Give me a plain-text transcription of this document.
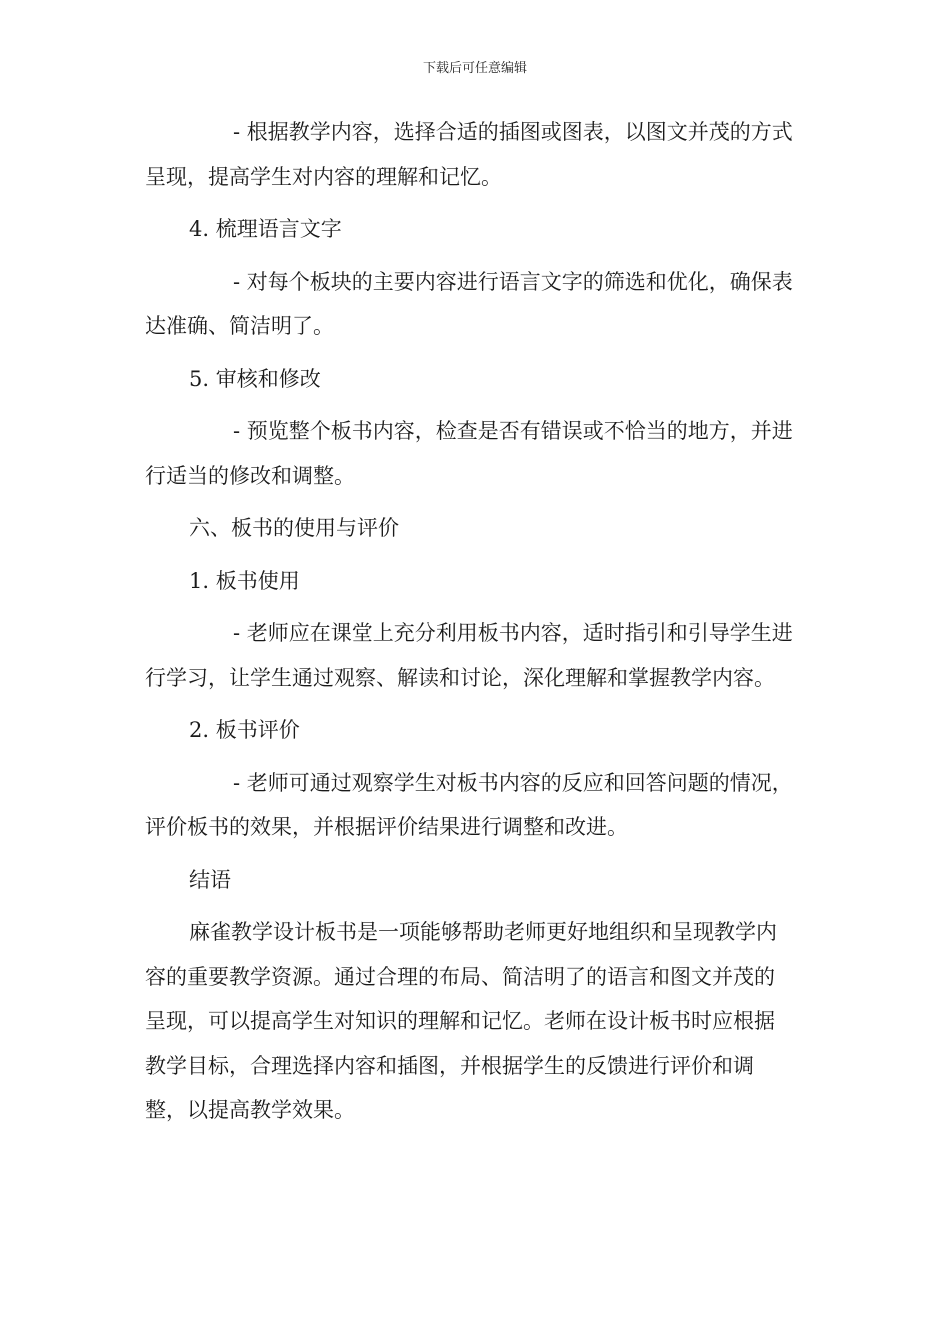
下载后可任意编辑

- 根据教学内容，选择合适的插图或图表，以图文并茂的方式呈现，提高学生对内容的理解和记忆。

4. 梳理语言文字

- 对每个板块的主要内容进行语言文字的筛选和优化，确保表达准确、简洁明了。

5. 审核和修改

- 预览整个板书内容，检查是否有错误或不恰当的地方，并进行适当的修改和调整。

六、板书的使用与评价

1. 板书使用

- 老师应在课堂上充分利用板书内容，适时指引和引导学生进行学习，让学生通过观察、解读和讨论，深化理解和掌握教学内容。

2. 板书评价

- 老师可通过观察学生对板书内容的反应和回答问题的情况，评价板书的效果，并根据评价结果进行调整和改进。

结语

麻雀教学设计板书是一项能够帮助老师更好地组织和呈现教学内容的重要教学资源。通过合理的布局、简洁明了的语言和图文并茂的呈现，可以提高学生对知识的理解和记忆。老师在设计板书时应根据教学目标，合理选择内容和插图，并根据学生的反馈进行评价和调整，以提高教学效果。
